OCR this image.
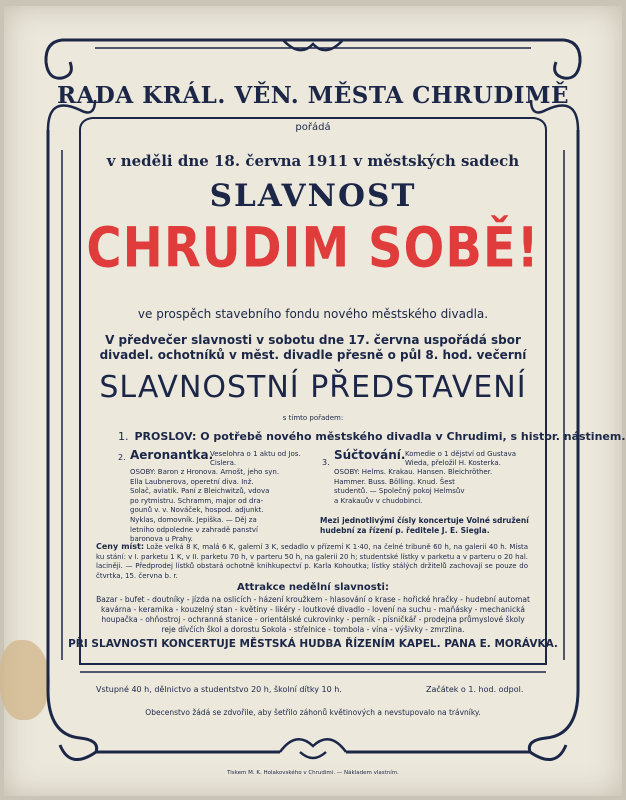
RADA KRÁL. VĚN. MĚSTA CHRUDIMĚ
pořádá
v neděli dne 18. června 1911 v městských sadech
SLAVNOST
CHRUDIM SOBĚ!
ve prospěch stavebního fondu nového městského divadla.
V předvečer slavnosti v sobotu dne 17. června uspořádá sbor
divadel. ochotníků v měst. divadle přesně o půl 8. hod. večerní
SLAVNOSTNÍ PŘEDSTAVENÍ
s tímto pořadem:
1. PROSLOV: O potřebě nového městského divadla v Chrudimi, s histor. nástinem.
2. Aeronantka.
Veselohra o 1 aktu od Jos. Cislera.
OSOBY: Baron z Hronova. Arnošt, jeho syn.
Ella Laubnerova, operetní diva. Inž.
Solač, aviatik. Paní z Bleichwitzů, vdova
po rytmistru. Schramm, major od dra-
gounů v. v. Nováček, hospod. adjunkt.
Nyklas, domovník. Jepiška. — Děj za
letního odpoledne v zahradě panství
baronova u Prahy.
3.
Súčtování. Komedie o 1 dějství od Gustava Wieda, přeložil H. Kosterka.
OSOBY: Helms. Krakau. Hansen. Bleichröther.
Hammer. Buss. Bölling. Knud. Šest
studentů. — Společný pokoj Helmsův
a Krakauův v chudobinci.
Mezi jednotlivými čísly koncertuje Volné sdružení hudební za řízení p. ředitele J. E. Siegla.
Ceny míst: Lože velká 8 K, malá 6 K, galerní 3 K, sedadlo v přízemí K 1·40, na čelné tribuně 60 h, na galerii 40 h. Místa ku stání: v I. parketu 1 K, v II. parketu 70 h, v parteru 50 h, na galerii 20 h; studentské lístky v parketu a v parteru o 20 hal. laciněji. — Předprodej lístků obstará ochotně knihkupectví p. Karla Kohoutka; lístky stálých držitelů zachovají se pouze do čtvrtka, 15. června b. r.
Attrakce nedělní slavnosti:
Bazar - bufet - doutníky - jízda na oslicích - házení kroužkem - hlasování o krase - hořické hračky - hudební automat kavárna - keramika - kouzelný stan - květiny - likéry - loutkové divadlo - lovení na suchu - maňásky - mechanická houpačka - ohňostroj - ochranná stanice - orientálské cukrovinky - perník - písničkář - prodejna průmyslové školy reje dívčích škol a dorostu Sokola - střelnice - tombola - vína - výšivky - zmrzlina.
PŘI SLAVNOSTI KONCERTUJE MĚSTSKÁ HUDBA ŘÍZENÍM KAPEL. PANA E. MORÁVKA.
Vstupné 40 h, dělnictvo a studentstvo 20 h, školní dítky 10 h.	Začátek o 1. hod. odpol.
Obecenstvo žádá se zdvořile, aby šetřilo záhonů květinových a nevstupovalo na trávníky.
Tiskem M. K. Holakovského v Chrudimi. — Nákladem vlastním.
